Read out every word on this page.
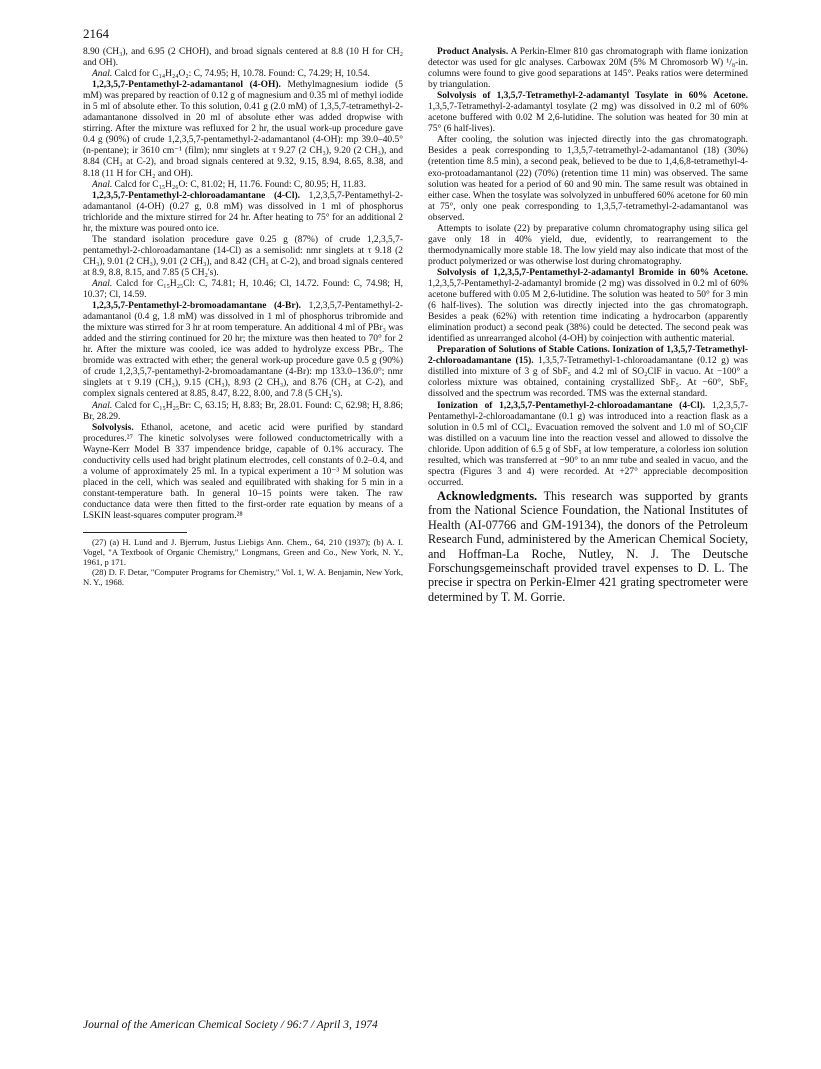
2164

8.90 (CH₃), and 6.95 (2 CHOH), and broad signals centered at 8.8 (10 H for CH₂ and OH).

Anal. Calcd for C₁₄H₂₄O₂: C, 74.95; H, 10.78. Found: C, 74.29; H, 10.54.

1,2,3,5,7-Pentamethyl-2-adamantanol (4-OH). Methylmagnesium iodide (5 mM) was prepared by reaction of 0.12 g of magnesium and 0.35 ml of methyl iodide in 5 ml of absolute ether. To this solution, 0.41 g (2.0 mM) of 1,3,5,7-tetramethyl-2-adamantanone dissolved in 20 ml of absolute ether was added dropwise with stirring. After the mixture was refluxed for 2 hr, the usual work-up procedure gave 0.4 g (90%) of crude 1,2,3,5,7-pentamethyl-2-adamantanol (4-OH): mp 39.0–40.5° (n-pentane); ir 3610 cm⁻¹ (film); nmr singlets at τ 9.27 (2 CH₃), 9.20 (2 CH₃), and 8.84 (CH₃ at C-2), and broad signals centered at 9.32, 9.15, 8.94, 8.65, 8.38, and 8.18 (11 H for CH₂ and OH).

Anal. Calcd for C₁₅H₂₆O: C, 81.02; H, 11.76. Found: C, 80.95; H, 11.83.

1,2,3,5,7-Pentamethyl-2-chloroadamantane (4-Cl). 1,2,3,5,7-Pentamethyl-2-adamantanol (4-OH) (0.27 g, 0.8 mM) was dissolved in 1 ml of phosphorus trichloride and the mixture stirred for 24 hr. After heating to 75° for an additional 2 hr, the mixture was poured onto ice.

The standard isolation procedure gave 0.25 g (87%) of crude 1,2,3,5,7-pentamethyl-2-chloroadamantane (14-Cl) as a semisolid: nmr singlets at τ 9.18 (2 CH₃), 9.01 (2 CH₃), 9.01 (2 CH₃), and 8.42 (CH₃ at C-2), and broad signals centered at 8.9, 8.8, 8.15, and 7.85 (5 CH₂'s).

Anal. Calcd for C₁₅H₂₅Cl: C, 74.81; H, 10.46; Cl, 14.72. Found: C, 74.98; H, 10.37; Cl, 14.59.

1,2,3,5,7-Pentamethyl-2-bromoadamantane (4-Br). 1,2,3,5,7-Pentamethyl-2-adamantanol (0.4 g, 1.8 mM) was dissolved in 1 ml of phosphorus tribromide and the mixture was stirred for 3 hr at room temperature. An additional 4 ml of PBr₃ was added and the stirring continued for 20 hr; the mixture was then heated to 70° for 2 hr. After the mixture was cooled, ice was added to hydrolyze excess PBr₃. The bromide was extracted with ether; the general work-up procedure gave 0.5 g (90%) of crude 1,2,3,5,7-pentamethyl-2-bromoadamantane (4-Br): mp 133.0–136.0°; nmr singlets at τ 9.19 (CH₃), 9.15 (CH₃), 8.93 (2 CH₃), and 8.76 (CH₃ at C-2), and complex signals centered at 8.85, 8.47, 8.22, 8.00, and 7.8 (5 CH₂'s).

Anal. Calcd for C₁₅H₂₅Br: C, 63.15; H, 8.83; Br, 28.01. Found: C, 62.98; H, 8.86; Br, 28.29.

Solvolysis. Ethanol, acetone, and acetic acid were purified by standard procedures.²⁷ The kinetic solvolyses were followed conductometrically with a Wayne-Kerr Model B 337 impendence bridge, capable of 0.1% accuracy. The conductivity cells used had bright platinum electrodes, cell constants of 0.2–0.4, and a volume of approximately 25 ml. In a typical experiment a 10⁻³ M solution was placed in the cell, which was sealed and equilibrated with shaking for 5 min in a constant-temperature bath. In general 10–15 points were taken. The raw conductance data were then fitted to the first-order rate equation by means of a LSKIN least-squares computer program.²⁸

(27) (a) H. Lund and J. Bjerrum, Justus Liebigs Ann. Chem., 64, 210 (1937); (b) A. I. Vogel, "A Textbook of Organic Chemistry," Longmans, Green and Co., New York, N. Y., 1961, p 171.

(28) D. F. Detar, "Computer Programs for Chemistry," Vol. 1, W. A. Benjamin, New York, N. Y., 1968.

Product Analysis. A Perkin-Elmer 810 gas chromatograph with flame ionization detector was used for glc analyses. Carbowax 20M (5% M Chromosorb W) ¹/₈-in. columns were found to give good separations at 145°. Peaks ratios were determined by triangulation.

Solvolysis of 1,3,5,7-Tetramethyl-2-adamantyl Tosylate in 60% Acetone. 1,3,5,7-Tetramethyl-2-adamantyl tosylate (2 mg) was dissolved in 0.2 ml of 60% acetone buffered with 0.02 M 2,6-lutidine. The solution was heated for 30 min at 75° (6 half-lives).

After cooling, the solution was injected directly into the gas chromatograph. Besides a peak corresponding to 1,3,5,7-tetramethyl-2-adamantanol (18) (30%) (retention time 8.5 min), a second peak, believed to be due to 1,4,6,8-tetramethyl-4-exo-protoadamantanol (22) (70%) (retention time 11 min) was observed. The same solution was heated for a period of 60 and 90 min. The same result was obtained in either case. When the tosylate was solvolyzed in unbuffered 60% acetone for 60 min at 75°, only one peak corresponding to 1,3,5,7-tetramethyl-2-adamantanol was observed.

Attempts to isolate (22) by preparative column chromatography using silica gel gave only 18 in 40% yield, due, evidently, to rearrangement to the thermodynamically more stable 18. The low yield may also indicate that most of the product polymerized or was otherwise lost during chromatography.

Solvolysis of 1,2,3,5,7-Pentamethyl-2-adamantyl Bromide in 60% Acetone. 1,2,3,5,7-Pentamethyl-2-adamantyl bromide (2 mg) was dissolved in 0.2 ml of 60% acetone buffered with 0.05 M 2,6-lutidine. The solution was heated to 50° for 3 min (6 half-lives). The solution was directly injected into the gas chromatograph. Besides a peak (62%) with retention time indicating a hydrocarbon (apparently elimination product) a second peak (38%) could be detected. The second peak was identified as unrearranged alcohol (4-OH) by coinjection with authentic material.

Preparation of Solutions of Stable Cations. Ionization of 1,3,5,7-Tetramethyl-2-chloroadamantane (15). 1,3,5,7-Tetramethyl-1-chloroadamantane (0.12 g) was distilled into mixture of 3 g of SbF₅ and 4.2 ml of SO₂ClF in vacuo. At −100° a colorless mixture was obtained, containing crystallized SbF₅. At −60°, SbF₅ dissolved and the spectrum was recorded. TMS was the external standard.

Ionization of 1,2,3,5,7-Pentamethyl-2-chloroadamantane (4-Cl). 1,2,3,5,7-Pentamethyl-2-chloroadamantane (0.1 g) was introduced into a reaction flask as a solution in 0.5 ml of CCl₄. Evacuation removed the solvent and 1.0 ml of SO₂ClF was distilled on a vacuum line into the reaction vessel and allowed to dissolve the chloride. Upon addition of 6.5 g of SbF₅ at low temperature, a colorless ion solution resulted, which was transferred at −90° to an nmr tube and sealed in vacuo, and the spectra (Figures 3 and 4) were recorded. At +27° appreciable decomposition occurred.

Acknowledgments. This research was supported by grants from the National Science Foundation, the National Institutes of Health (AI-07766 and GM-19134), the donors of the Petroleum Research Fund, administered by the American Chemical Society, and Hoffman-La Roche, Nutley, N. J. The Deutsche Forschungsgemeinschaft provided travel expenses to D. L. The precise ir spectra on Perkin-Elmer 421 grating spectrometer were determined by T. M. Gorrie.

Journal of the American Chemical Society / 96:7 / April 3, 1974
